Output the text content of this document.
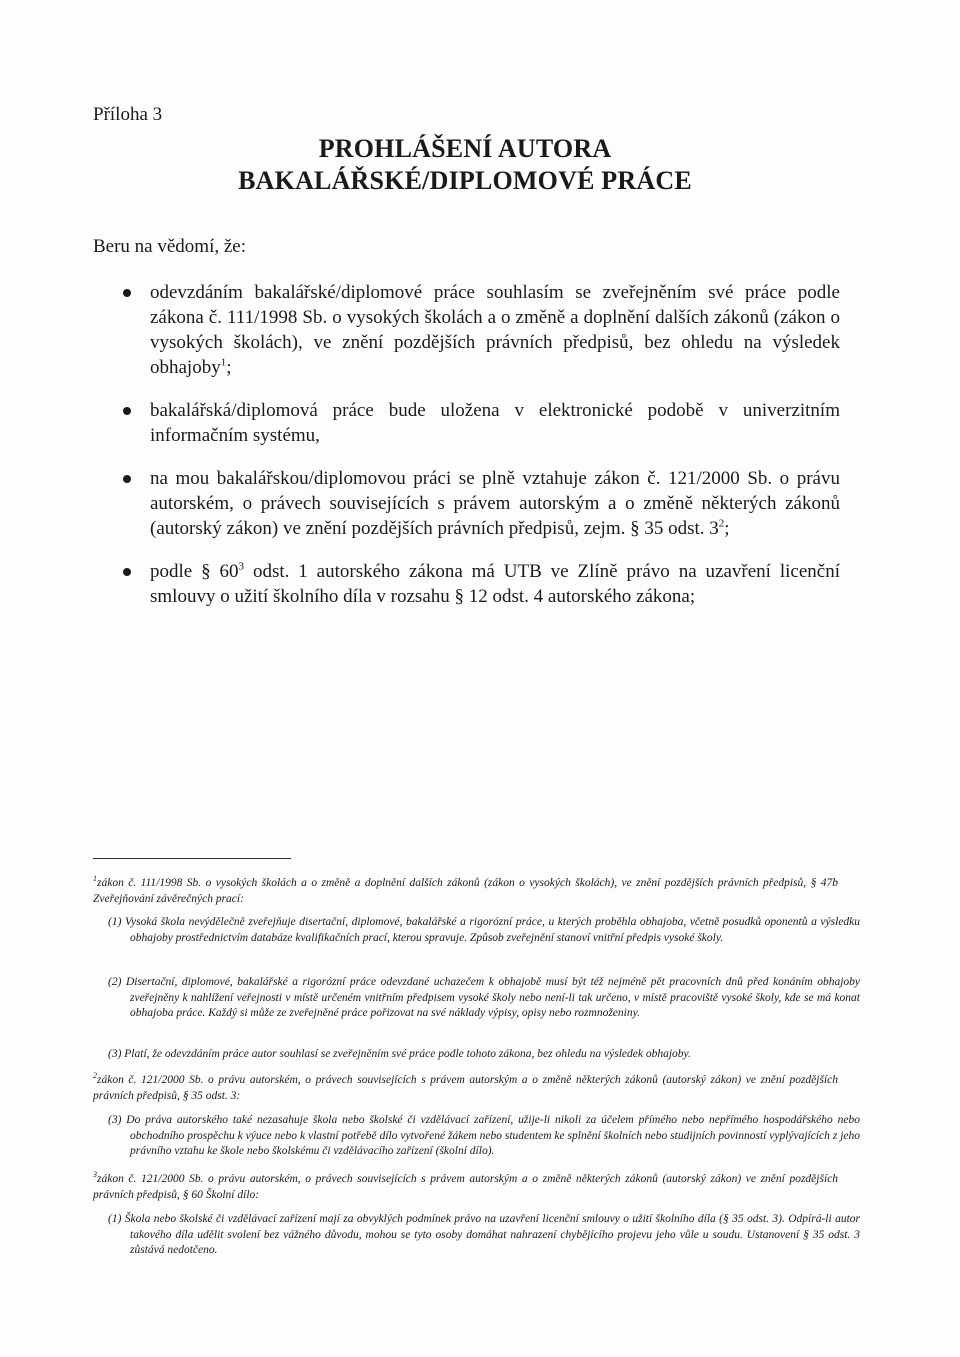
Příloha 3
PROHLÁŠENÍ AUTORA
BAKALÁŘSKÉ/DIPLOMOVÉ PRÁCE
Beru na vědomí, že:
odevzdáním bakalářské/diplomové práce souhlasím se zveřejněním své práce podle zákona č. 111/1998 Sb. o vysokých školách a o změně a doplnění dalších zákonů (zákon o vysokých školách), ve znění pozdějších právních předpisů, bez ohledu na výsledek obhajoby$^1$;
bakalářská/diplomová práce bude uložena v elektronické podobě v univerzitním informačním systému,
na mou bakalářskou/diplomovou práci se plně vztahuje zákon č. 121/2000 Sb. o právu autorském, o právech souvisejících s právem autorským a o změně některých zákonů (autorský zákon) ve znění pozdějších právních předpisů, zejm. § 35 odst. $3^2$;
podle § $60^3$ odst. 1 autorského zákona má UTB ve Zlíně právo na uzavření licenční smlouvy o užití školního díla v rozsahu § 12 odst. 4 autorského zákona;
$^1$zákon č. 111/1998 Sb. o vysokých školách a o změně a doplnění dalších zákonů (zákon o vysokých školách), ve znění pozdějších právních předpisů, § 47b Zveřejňování závěrečných prací:
(1) Vysoká škola nevýdělečně zveřejňuje disertační, diplomové, bakalářské a rigorózní práce, u kterých proběhla obhajoba, včetně posudků oponentů a výsledku obhajoby prostřednictvím databáze kvalifikačních prací, kterou spravuje. Způsob zveřejnění stanoví vnitřní předpis vysoké školy.
(2) Disertační, diplomové, bakalářské a rigorózní práce odevzdané uchazečem k obhajobě musí být též nejméně pět pracovních dnů před konáním obhajoby zveřejněny k nahlížení veřejnosti v místě určeném vnitřním předpisem vysoké školy nebo není-li tak určeno, v místě pracoviště vysoké školy, kde se má konat obhajoba práce. Každý si může ze zveřejněné práce pořizovat na své náklady výpisy, opisy nebo rozmnoženiny.
(3) Platí, že odevzdáním práce autor souhlasí se zveřejněním své práce podle tohoto zákona, bez ohledu na výsledek obhajoby.
$^2$zákon č. 121/2000 Sb. o právu autorském, o právech souvisejících s právem autorským a o změně některých zákonů (autorský zákon) ve znění pozdějších právních předpisů, § 35 odst. 3:
(3) Do práva autorského také nezasahuje škola nebo školské či vzdělávací zařízení, užije-li nikoli za účelem přímého nebo nepřímého hospodářského nebo obchodního prospěchu k výuce nebo k vlastní potřebě dílo vytvořené žákem nebo studentem ke splnění školních nebo studijních povinností vyplývajících z jeho právního vztahu ke škole nebo školskému či vzdělávacího zařízení (školní dílo).
$^3$zákon č. 121/2000 Sb. o právu autorském, o právech souvisejících s právem autorským a o změně některých zákonů (autorský zákon) ve znění pozdějších právních předpisů, § 60 Školní dílo:
(1) Škola nebo školské či vzdělávací zařízení mají za obvyklých podmínek právo na uzavření licenční smlouvy o užití školního díla (§ 35 odst. 3). Odpírá-li autor takového díla udělit svolení bez vážného důvodu, mohou se tyto osoby domáhat nahrazení chybějícího projevu jeho vůle u soudu. Ustanovení § 35 odst. 3 zůstává nedotčeno.
